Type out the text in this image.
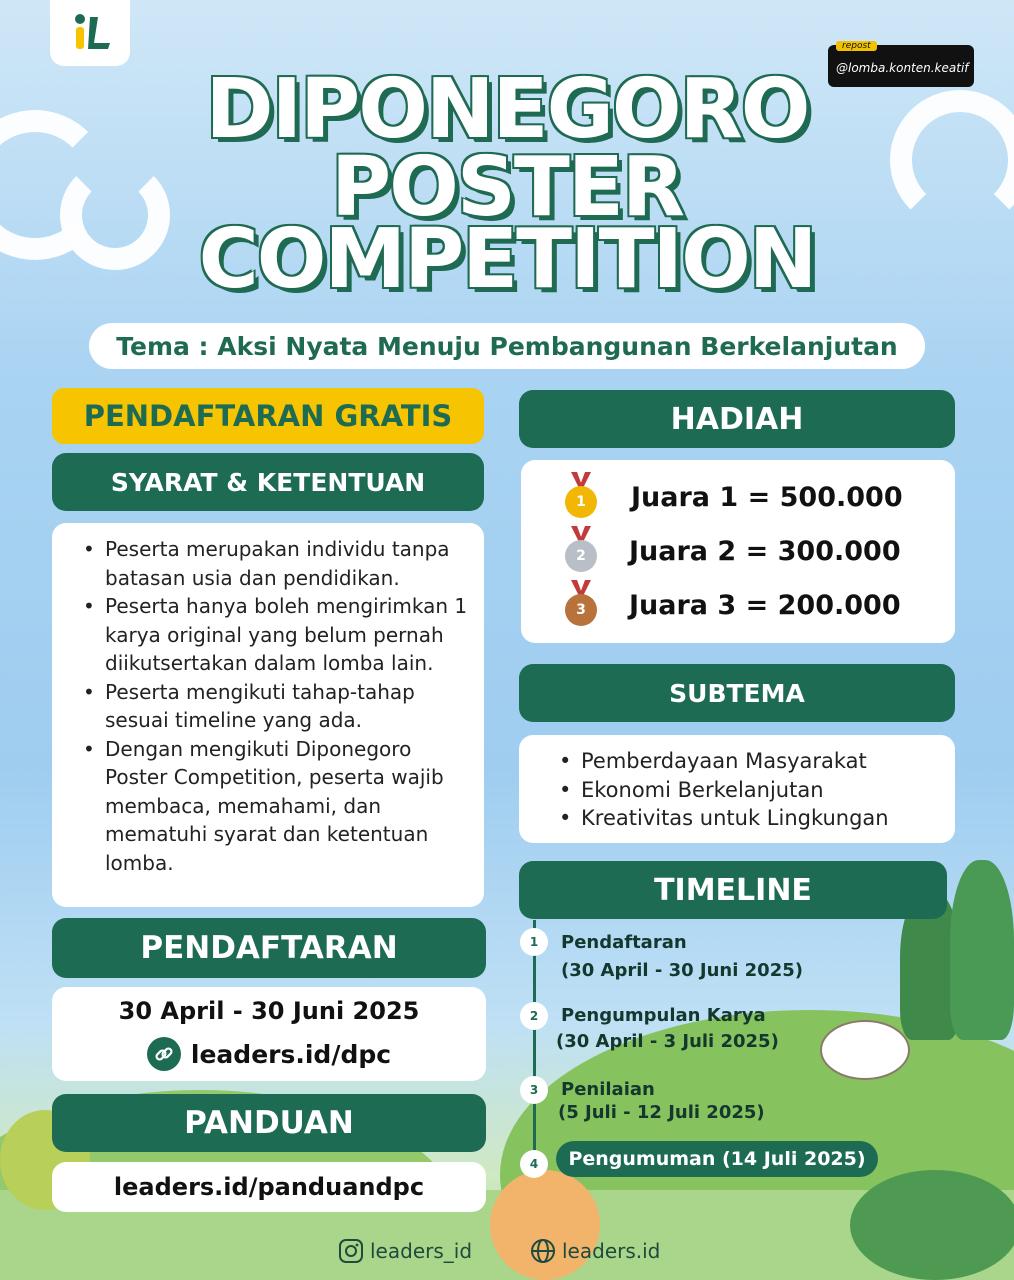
repost
@lomba.konten.keatif
DIPONEGORO
POSTER
COMPETITION
Tema : Aksi Nyata Menuju Pembangunan Berkelanjutan
PENDAFTARAN GRATIS
SYARAT & KETENTUAN
• Peserta merupakan individu tanpa batasan usia dan pendidikan.
• Peserta hanya boleh mengirimkan 1 karya original yang belum pernah diikutsertakan dalam lomba lain.
• Peserta mengikuti tahap-tahap sesuai timeline yang ada.
• Dengan mengikuti Diponegoro Poster Competition, peserta wajib membaca, memahami, dan mematuhi syarat dan ketentuan lomba.
PENDAFTARAN
30 April - 30 Juni 2025
leaders.id/dpc
PANDUAN
leaders.id/panduandpc
HADIAH
1	Juara 1 = 500.000
2	Juara 2 = 300.000
3	Juara 3 = 200.000
SUBTEMA
• Pemberdayaan Masyarakat
• Ekonomi Berkelanjutan
• Kreativitas untuk Lingkungan
TIMELINE
1	Pendaftaran
(30 April - 30 Juni 2025)
2	Pengumpulan Karya
(30 April - 3 Juli 2025)
3	Penilaian
(5 Juli - 12 Juli 2025)
4	Pengumuman (14 Juli 2025)
leaders_id	leaders.id
